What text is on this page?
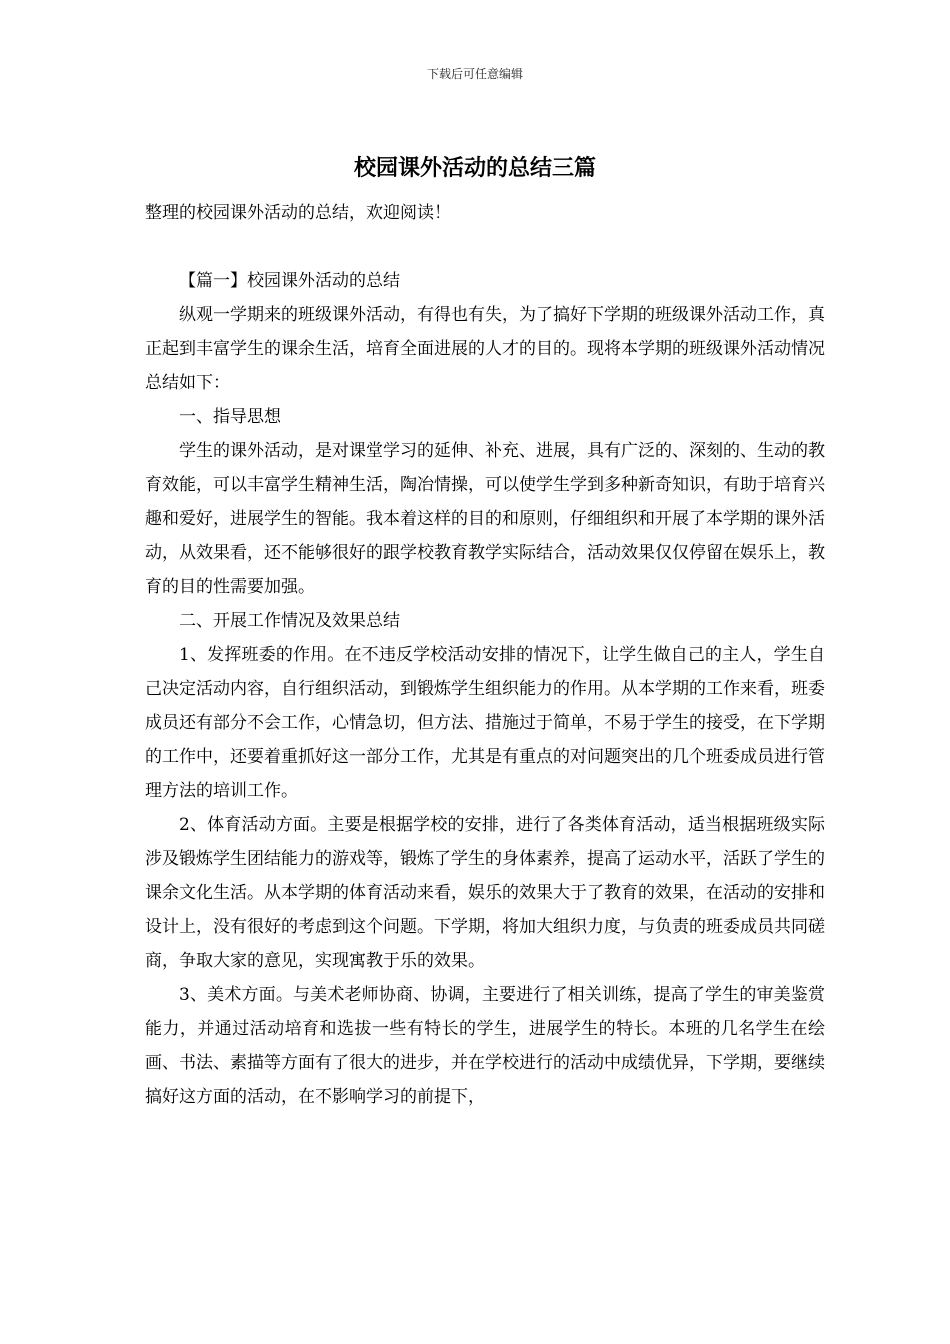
下载后可任意编辑
校园课外活动的总结三篇

整理的校园课外活动的总结，欢迎阅读！

【篇一】校园课外活动的总结

纵观一学期来的班级课外活动，有得也有失，为了搞好下学期的班级课外活动工作，真正起到丰富学生的课余生活，培育全面进展的人才的目的。现将本学期的班级课外活动情况总结如下：

一、指导思想

学生的课外活动，是对课堂学习的延伸、补充、进展，具有广泛的、深刻的、生动的教育效能，可以丰富学生精神生活，陶冶情操，可以使学生学到多种新奇知识，有助于培育兴趣和爱好，进展学生的智能。我本着这样的目的和原则，仔细组织和开展了本学期的课外活动，从效果看，还不能够很好的跟学校教育教学实际结合，活动效果仅仅停留在娱乐上，教育的目的性需要加强。

二、开展工作情况及效果总结

1、发挥班委的作用。在不违反学校活动安排的情况下，让学生做自己的主人，学生自己决定活动内容，自行组织活动，到锻炼学生组织能力的作用。从本学期的工作来看，班委成员还有部分不会工作，心情急切，但方法、措施过于简单，不易于学生的接受，在下学期的工作中，还要着重抓好这一部分工作，尤其是有重点的对问题突出的几个班委成员进行管理方法的培训工作。

2、体育活动方面。主要是根据学校的安排，进行了各类体育活动，适当根据班级实际涉及锻炼学生团结能力的游戏等，锻炼了学生的身体素养，提高了运动水平，活跃了学生的课余文化生活。从本学期的体育活动来看，娱乐的效果大于了教育的效果，在活动的安排和设计上，没有很好的考虑到这个问题。下学期，将加大组织力度，与负责的班委成员共同磋商，争取大家的意见，实现寓教于乐的效果。

3、美术方面。与美术老师协商、协调，主要进行了相关训练，提高了学生的审美鉴赏能力，并通过活动培育和选拔一些有特长的学生，进展学生的特长。本班的几名学生在绘画、书法、素描等方面有了很大的进步，并在学校进行的活动中成绩优异，下学期，要继续搞好这方面的活动，在不影响学习的前提下，
